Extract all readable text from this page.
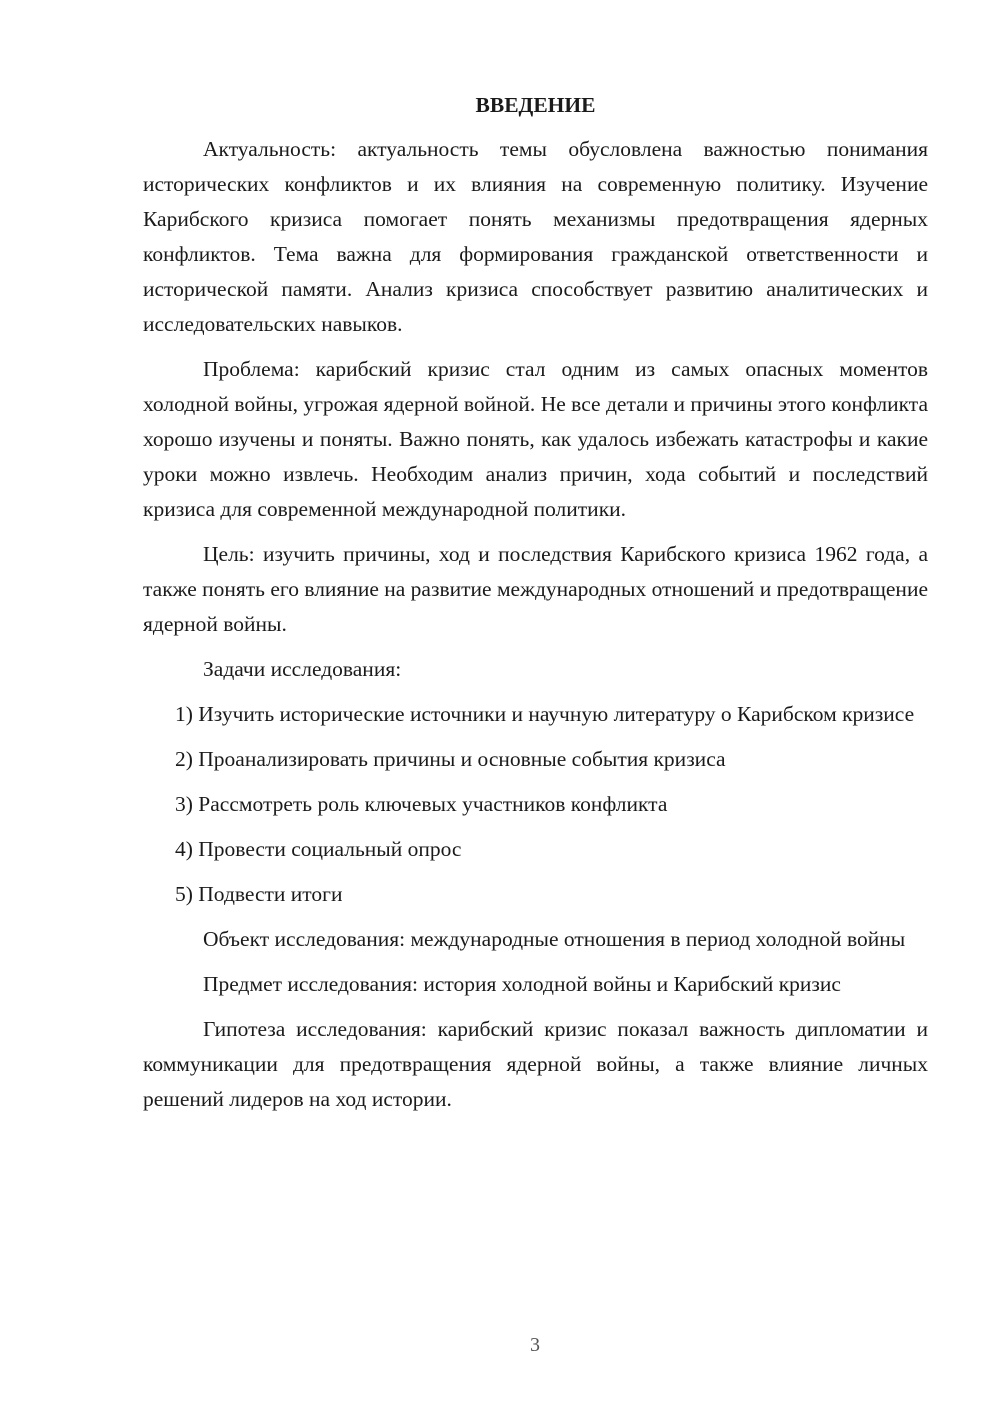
ВВЕДЕНИЕ

Актуальность: актуальность темы обусловлена важностью понимания исторических конфликтов и их влияния на современную политику. Изучение Карибского кризиса помогает понять механизмы предотвращения ядерных конфликтов. Тема важна для формирования гражданской ответственности и исторической памяти. Анализ кризиса способствует развитию аналитических и исследовательских навыков.

Проблема: карибский кризис стал одним из самых опасных моментов холодной войны, угрожая ядерной войной. Не все детали и причины этого конфликта хорошо изучены и поняты. Важно понять, как удалось избежать катастрофы и какие уроки можно извлечь. Необходим анализ причин, хода событий и последствий кризиса для современной международной политики.

Цель: изучить причины, ход и последствия Карибского кризиса 1962 года, а также понять его влияние на развитие международных отношений и предотвращение ядерной войны.

Задачи исследования:

1) Изучить исторические источники и научную литературу о Карибском кризисе

2) Проанализировать причины и основные события кризиса

3) Рассмотреть роль ключевых участников конфликта

4) Провести социальный опрос

5) Подвести итоги

Объект исследования: международные отношения в период холодной войны

Предмет исследования: история холодной войны и Карибский кризис

Гипотеза исследования: карибский кризис показал важность дипломатии и коммуникации для предотвращения ядерной войны, а также влияние личных решений лидеров на ход истории.

3
